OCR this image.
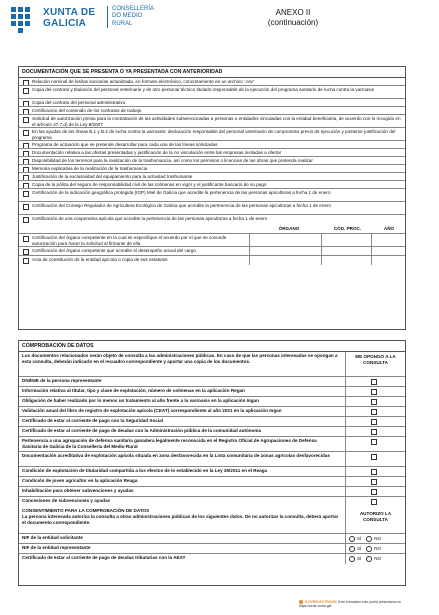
XUNTA DE GALICIA
CONSELLERÍA DO MEDIO RURAL
ANEXO II
(continuación)
DOCUMENTACIÓN QUE SE PRESENTA O YA PRESENTADA CON ANTERIORIDAD
Relación nominal de los/las socios/as actualizada, en formato electrónico, concretamente en un archivo '.csv'
Copia del contrato y titulación del personal veterinario y de otro personal técnico titulado responsable de la ejecución del programa sanitario de lucha contra la varroasis
Copia del contrato del personal administrativo
Certificación del contenido de los contratos de trabajo
Solicitud de autorización previa para la contratación de las actividades subvencionadas a personas o entidades vinculadas con la entidad beneficiaria, de acuerdo con lo recogido en el artículo 27.7.d) de la Ley 9/2007
En las ayudas de las líneas B.1 y B.2 de lucha contra la varroasis: declaración responsable del personal veterinario de compromiso previo de ejecución y posterior justificación del programa
Programa de actuación que se pretende desarrollar para cada una de las líneas solicitadas
Documentación relativa a las ofertas presentadas y justificación de la no vinculación entre las empresas invitadas a ofertar
Disponibilidad de los terrenos para la realización de la trashumancia, así como los permisos o licencias de las obras que pretenda realizar
Memoria explicativa de la realización de la trashumancia
Justificación de la exclusividad del equipamiento para la actividad trashumante
Copia de la póliza del seguro de responsabilidad civil de las colmenas en vigor y el justificante bancario de su pago
Certificación de la indicación geográfica protegida (IGP) Miel de Galicia que acredite la pertenencia de las personas apicultoras a fecha 1 de enero
Certificación del Consejo Regulador de Agricultura Ecológica de Galicia que acredite la pertenencia de las personas apicultoras a fecha 1 de enero
Certificación de una cooperativa apícola que acredite la pertenencia de las personas apicultoras a fecha 1 de enero
ÓRGANO	CÓD. PROC.	AÑO
Certificación del órgano competente en la cual se especifique el acuerdo por el que se concede autorización para hacer la solicitud al firmante de ella
Certificación del órgano competente que acredite el desempeño actual del cargo
Acta de constitución de la entidad apícola o copia de sus estatutos
COMPROBACIÓN DE DATOS
Los documentos relacionados serán objeto de consulta a las administraciones públicas. En caso de que las personas interesadas se opongan a esta consulta, deberán indicarlo en el recuadro correspondiente y aportar una copia de los documentos.
ME OPONGO A LA CONSULTA
DNI/NIE de la persona representante
Información relativa al titular, tipo y clase de explotación, número de colmenas en la aplicación Regan
Obligación de haber realizado por lo menos un tratamiento al año frente a la varroasis en la aplicación Ingan
Validación anual del libro de registro de explotación apícola (CEAT) correspondiente al año 2021 en la aplicación Ingan
Certificado de estar al corriente de pago con la Seguridad Social
Certificado de estar al corriente de pago de deudas con la Administración pública de la comunidad autónoma
Pertenencia a una agrupación de defensa sanitaria ganadera legalmente reconocida en el Registro Oficial de Agrupaciones de Defensa Sanitaria de Galicia de la Consellería del Medio Rural
Documentación acreditativa de explotación apícola situada en zona desfavorecida en la Lista comunitaria de zonas agrícolas desfavorecidas
Condición de explotación de titularidad compartida a los efectos de lo establecido en la Ley 35/2011 en el Reaga
Condición de joven agricultor en la aplicación Reaga
Inhabilitación para obtener subvenciones y ayudas
Concesiones de subvenciones y ayudas
CONSENTIMIENTO PARA LA COMPROBACIÓN DE DATOS
La persona interesada autoriza la consulta a otras administraciones públicas de los siguientes datos. De no autorizar la consulta, deberá aportar el documento correspondiente.
AUTORIZO LA CONSULTA
NIF de la entidad solicitante	SÍ	NO
NIF de la entidad representante	SÍ	NO
Certificado de estar al corriente de pago de deudas tributarias con la AEAT	SÍ	NO
ILOVEELECTRONIC Este formulario solo podrá presentarse en https://sede.xunta.gal
